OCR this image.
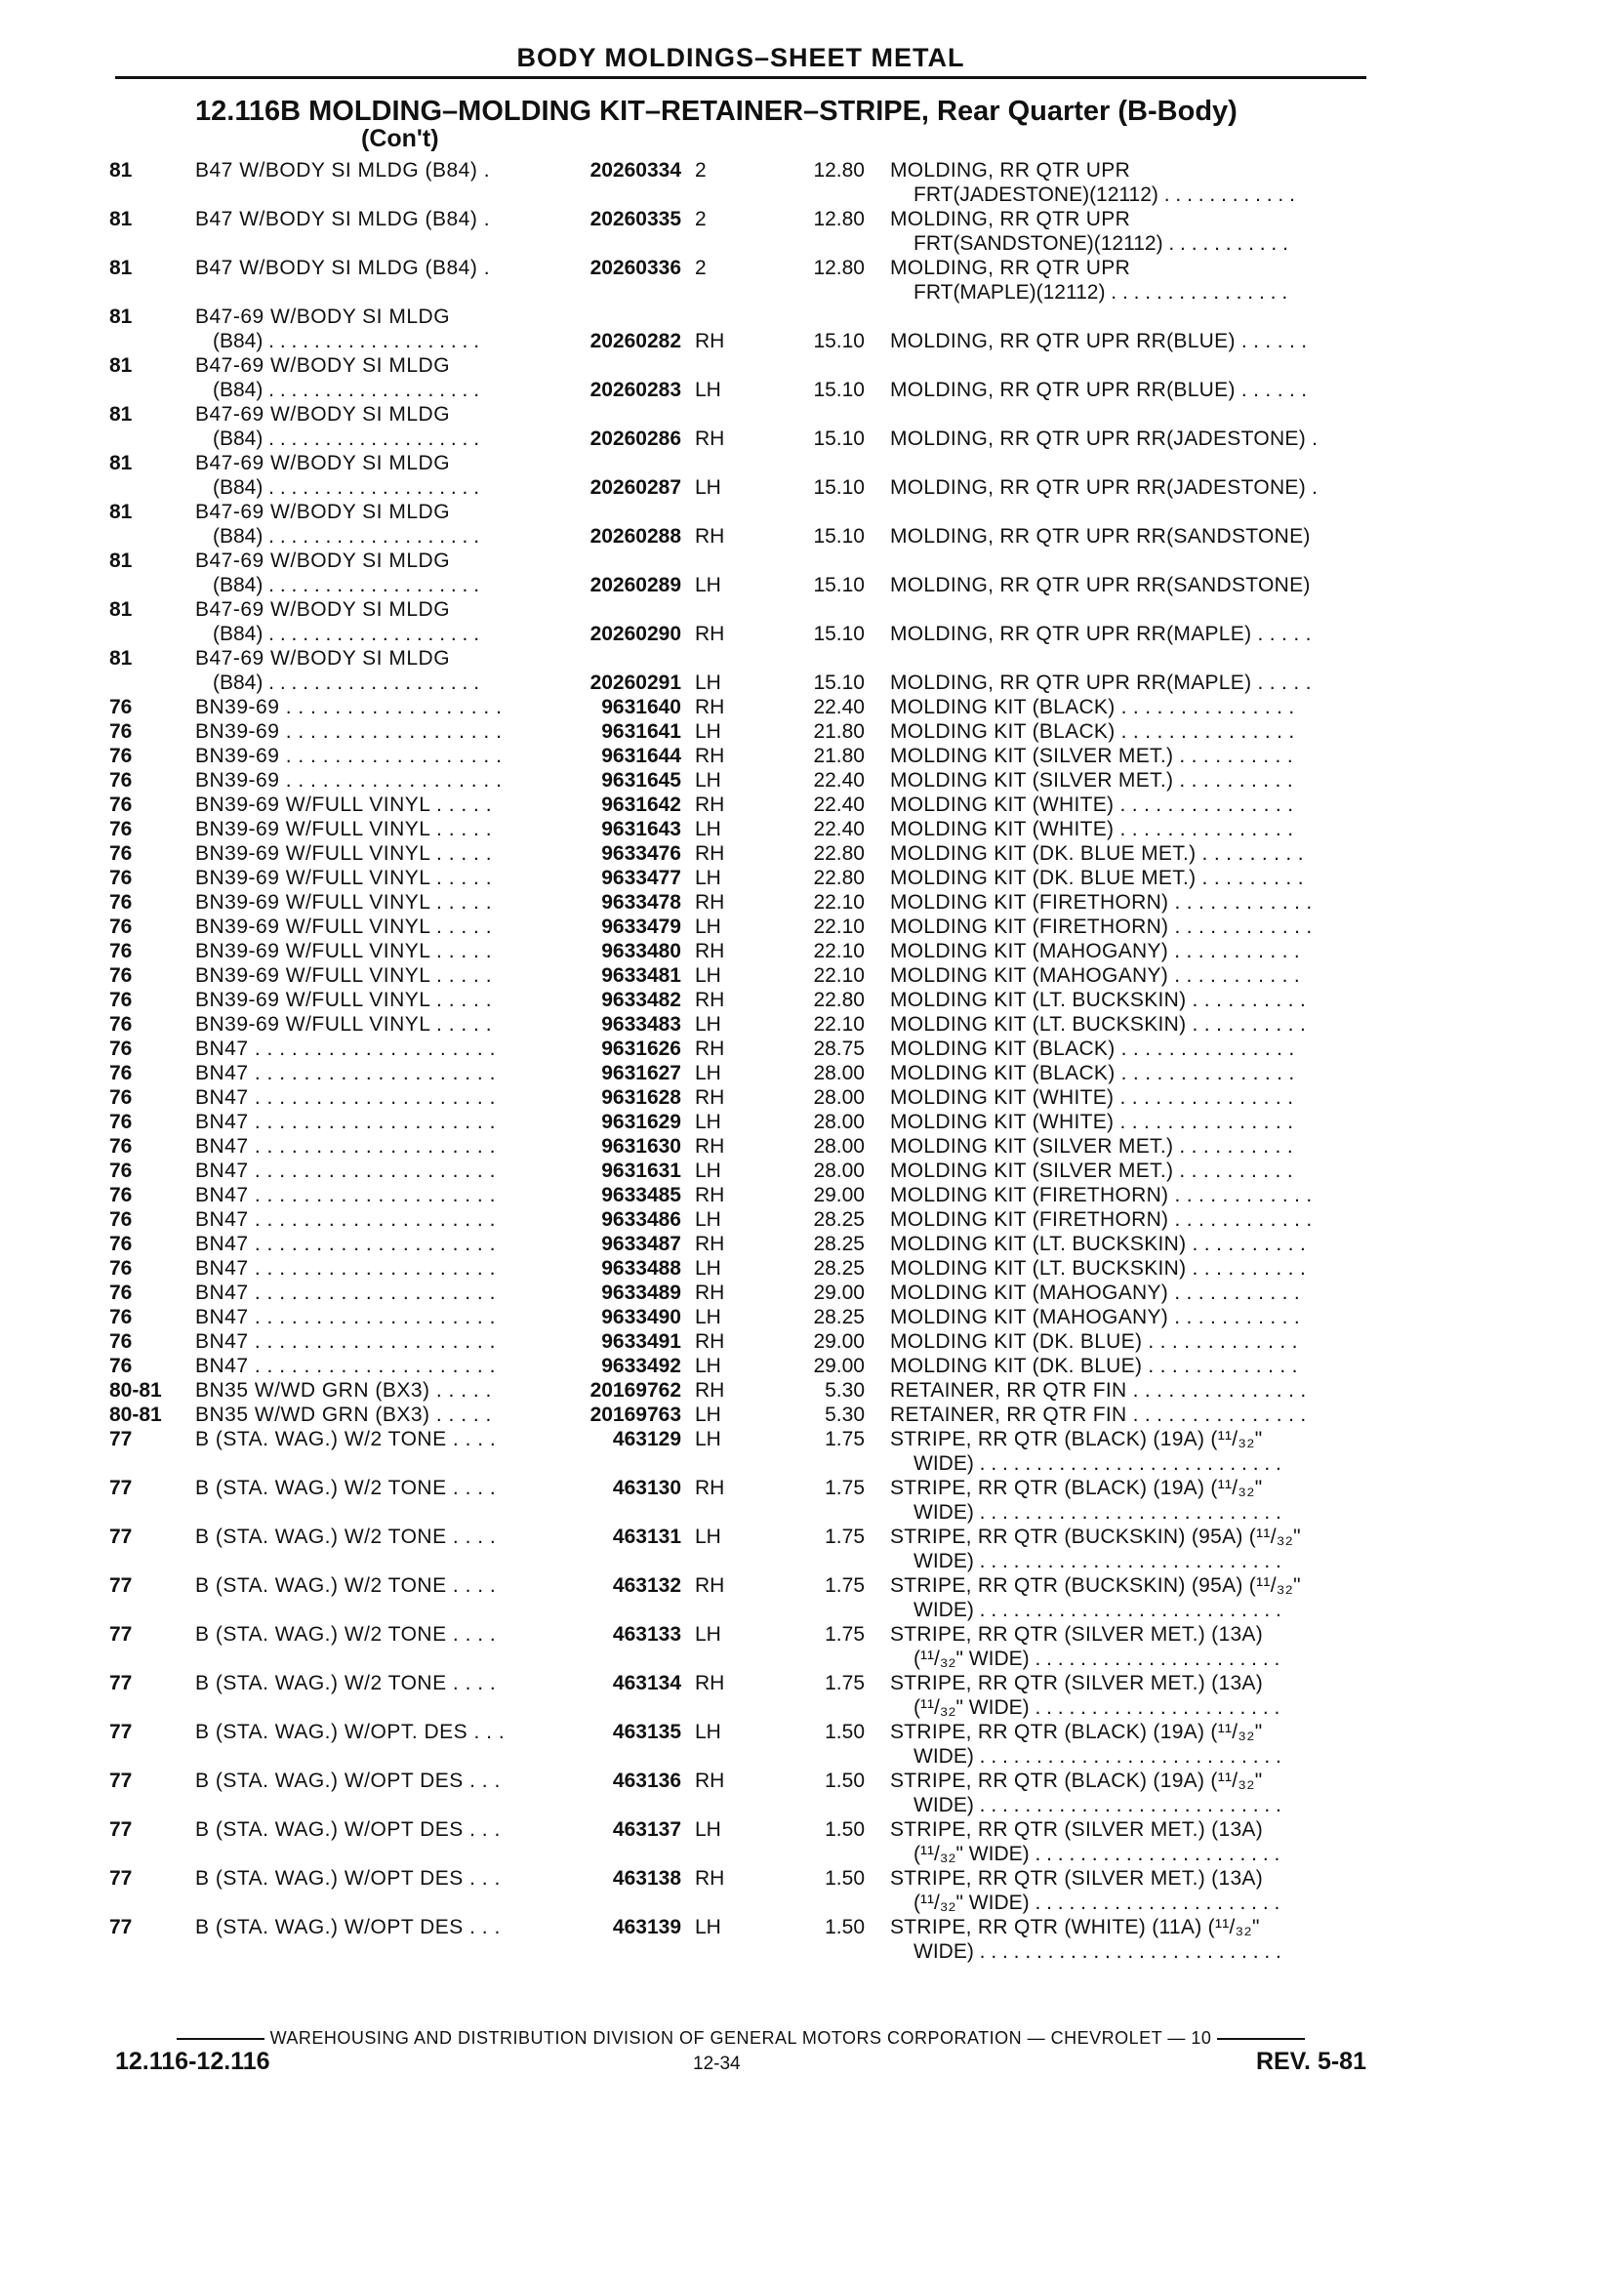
BODY MOLDINGS–SHEET METAL
12.116B MOLDING–MOLDING KIT–RETAINER–STRIPE, Rear Quarter (B-Body)
(Con't)
81	B47 W/BODY SI MLDG (B84) .	20260334 2	12.80 MOLDING, RR QTR UPR
FRT(JADESTONE)(12112) . . . . . . . . . . . .
81	B47 W/BODY SI MLDG (B84) .	20260335 2	12.80 MOLDING, RR QTR UPR
FRT(SANDSTONE)(12112) . . . . . . . . . . .
81	B47 W/BODY SI MLDG (B84) .	20260336 2	12.80 MOLDING, RR QTR UPR
FRT(MAPLE)(12112) . . . . . . . . . . . . . . . .
81	B47-69 W/BODY SI MLDG
(B84) . . . . . . . . . . . . . . . . . . .	20260282 RH	15.10 MOLDING, RR QTR UPR RR(BLUE) . . . . . .
81	B47-69 W/BODY SI MLDG
(B84) . . . . . . . . . . . . . . . . . . .	20260283 LH	15.10 MOLDING, RR QTR UPR RR(BLUE) . . . . . .
81	B47-69 W/BODY SI MLDG
(B84) . . . . . . . . . . . . . . . . . . .	20260286 RH	15.10 MOLDING, RR QTR UPR RR(JADESTONE) .
81	B47-69 W/BODY SI MLDG
(B84) . . . . . . . . . . . . . . . . . . .	20260287 LH	15.10 MOLDING, RR QTR UPR RR(JADESTONE) .
81	B47-69 W/BODY SI MLDG
(B84) . . . . . . . . . . . . . . . . . . .	20260288 RH	15.10 MOLDING, RR QTR UPR RR(SANDSTONE)
81	B47-69 W/BODY SI MLDG
(B84) . . . . . . . . . . . . . . . . . . .	20260289 LH	15.10 MOLDING, RR QTR UPR RR(SANDSTONE)
81	B47-69 W/BODY SI MLDG
(B84) . . . . . . . . . . . . . . . . . . .	20260290 RH	15.10 MOLDING, RR QTR UPR RR(MAPLE) . . . . .
81	B47-69 W/BODY SI MLDG
(B84) . . . . . . . . . . . . . . . . . . .	20260291 LH	15.10 MOLDING, RR QTR UPR RR(MAPLE) . . . . .
76	BN39-69 . . . . . . . . . . . . . . . . . .	9631640 RH	22.40 MOLDING KIT (BLACK) . . . . . . . . . . . . . . .
76	BN39-69 . . . . . . . . . . . . . . . . . .	9631641 LH	21.80 MOLDING KIT (BLACK) . . . . . . . . . . . . . . .
76	BN39-69 . . . . . . . . . . . . . . . . . .	9631644 RH	21.80 MOLDING KIT (SILVER MET.) . . . . . . . . . .
76	BN39-69 . . . . . . . . . . . . . . . . . .	9631645 LH	22.40 MOLDING KIT (SILVER MET.) . . . . . . . . . .
76	BN39-69 W/FULL VINYL . . . . .	9631642 RH	22.40 MOLDING KIT (WHITE) . . . . . . . . . . . . . . .
76	BN39-69 W/FULL VINYL . . . . .	9631643 LH	22.40 MOLDING KIT (WHITE) . . . . . . . . . . . . . . .
76	BN39-69 W/FULL VINYL . . . . .	9633476 RH	22.80 MOLDING KIT (DK. BLUE MET.) . . . . . . . . .
76	BN39-69 W/FULL VINYL . . . . .	9633477 LH	22.80 MOLDING KIT (DK. BLUE MET.) . . . . . . . . .
76	BN39-69 W/FULL VINYL . . . . .	9633478 RH	22.10 MOLDING KIT (FIRETHORN) . . . . . . . . . . . .
76	BN39-69 W/FULL VINYL . . . . .	9633479 LH	22.10 MOLDING KIT (FIRETHORN) . . . . . . . . . . . .
76	BN39-69 W/FULL VINYL . . . . .	9633480 RH	22.10 MOLDING KIT (MAHOGANY) . . . . . . . . . . .
76	BN39-69 W/FULL VINYL . . . . .	9633481 LH	22.10 MOLDING KIT (MAHOGANY) . . . . . . . . . . .
76	BN39-69 W/FULL VINYL . . . . .	9633482 RH	22.80 MOLDING KIT (LT. BUCKSKIN) . . . . . . . . . .
76	BN39-69 W/FULL VINYL . . . . .	9633483 LH	22.10 MOLDING KIT (LT. BUCKSKIN) . . . . . . . . . .
76	BN47 . . . . . . . . . . . . . . . . . . . .	9631626 RH	28.75 MOLDING KIT (BLACK) . . . . . . . . . . . . . . .
76	BN47 . . . . . . . . . . . . . . . . . . . .	9631627 LH	28.00 MOLDING KIT (BLACK) . . . . . . . . . . . . . . .
76	BN47 . . . . . . . . . . . . . . . . . . . .	9631628 RH	28.00 MOLDING KIT (WHITE) . . . . . . . . . . . . . . .
76	BN47 . . . . . . . . . . . . . . . . . . . .	9631629 LH	28.00 MOLDING KIT (WHITE) . . . . . . . . . . . . . . .
76	BN47 . . . . . . . . . . . . . . . . . . . .	9631630 RH	28.00 MOLDING KIT (SILVER MET.) . . . . . . . . . .
76	BN47 . . . . . . . . . . . . . . . . . . . .	9631631 LH	28.00 MOLDING KIT (SILVER MET.) . . . . . . . . . .
76	BN47 . . . . . . . . . . . . . . . . . . . .	9633485 RH	29.00 MOLDING KIT (FIRETHORN) . . . . . . . . . . . .
76	BN47 . . . . . . . . . . . . . . . . . . . .	9633486 LH	28.25 MOLDING KIT (FIRETHORN) . . . . . . . . . . . .
76	BN47 . . . . . . . . . . . . . . . . . . . .	9633487 RH	28.25 MOLDING KIT (LT. BUCKSKIN) . . . . . . . . . .
76	BN47 . . . . . . . . . . . . . . . . . . . .	9633488 LH	28.25 MOLDING KIT (LT. BUCKSKIN) . . . . . . . . . .
76	BN47 . . . . . . . . . . . . . . . . . . . .	9633489 RH	29.00 MOLDING KIT (MAHOGANY) . . . . . . . . . . .
76	BN47 . . . . . . . . . . . . . . . . . . . .	9633490 LH	28.25 MOLDING KIT (MAHOGANY) . . . . . . . . . . .
76	BN47 . . . . . . . . . . . . . . . . . . . .	9633491 RH	29.00 MOLDING KIT (DK. BLUE) . . . . . . . . . . . . .
76	BN47 . . . . . . . . . . . . . . . . . . . .	9633492 LH	29.00 MOLDING KIT (DK. BLUE) . . . . . . . . . . . . .
80-81	BN35 W/WD GRN (BX3) . . . . .	20169762 RH	5.30 RETAINER, RR QTR FIN . . . . . . . . . . . . . . .
80-81	BN35 W/WD GRN (BX3) . . . . .	20169763 LH	5.30 RETAINER, RR QTR FIN . . . . . . . . . . . . . . .
77	B (STA. WAG.) W/2 TONE . . . .	463129 LH	1.75 STRIPE, RR QTR (BLACK) (19A) (¹¹/₃₂"
WIDE) . . . . . . . . . . . . . . . . . . . . . . . . . . .
77	B (STA. WAG.) W/2 TONE . . . .	463130 RH	1.75 STRIPE, RR QTR (BLACK) (19A) (¹¹/₃₂"
WIDE) . . . . . . . . . . . . . . . . . . . . . . . . . . .
77	B (STA. WAG.) W/2 TONE . . . .	463131 LH	1.75 STRIPE, RR QTR (BUCKSKIN) (95A) (¹¹/₃₂"
WIDE) . . . . . . . . . . . . . . . . . . . . . . . . . . .
77	B (STA. WAG.) W/2 TONE . . . .	463132 RH	1.75 STRIPE, RR QTR (BUCKSKIN) (95A) (¹¹/₃₂"
WIDE) . . . . . . . . . . . . . . . . . . . . . . . . . . .
77	B (STA. WAG.) W/2 TONE . . . .	463133 LH	1.75 STRIPE, RR QTR (SILVER MET.) (13A)
(¹¹/₃₂" WIDE) . . . . . . . . . . . . . . . . . . . . . .
77	B (STA. WAG.) W/2 TONE . . . .	463134 RH	1.75 STRIPE, RR QTR (SILVER MET.) (13A)
(¹¹/₃₂" WIDE) . . . . . . . . . . . . . . . . . . . . . .
77	B (STA. WAG.) W/OPT. DES . . .	463135 LH	1.50 STRIPE, RR QTR (BLACK) (19A) (¹¹/₃₂"
WIDE) . . . . . . . . . . . . . . . . . . . . . . . . . . .
77	B (STA. WAG.) W/OPT DES . . .	463136 RH	1.50 STRIPE, RR QTR (BLACK) (19A) (¹¹/₃₂"
WIDE) . . . . . . . . . . . . . . . . . . . . . . . . . . .
77	B (STA. WAG.) W/OPT DES . . .	463137 LH	1.50 STRIPE, RR QTR (SILVER MET.) (13A)
(¹¹/₃₂" WIDE) . . . . . . . . . . . . . . . . . . . . . .
77	B (STA. WAG.) W/OPT DES . . .	463138 RH	1.50 STRIPE, RR QTR (SILVER MET.) (13A)
(¹¹/₃₂" WIDE) . . . . . . . . . . . . . . . . . . . . . .
77	B (STA. WAG.) W/OPT DES . . .	463139 LH	1.50 STRIPE, RR QTR (WHITE) (11A) (¹¹/₃₂"
WIDE) . . . . . . . . . . . . . . . . . . . . . . . . . . .
WAREHOUSING AND DISTRIBUTION DIVISION OF GENERAL MOTORS CORPORATION — CHEVROLET — 10
12.116-12.116	12-34	REV. 5-81
